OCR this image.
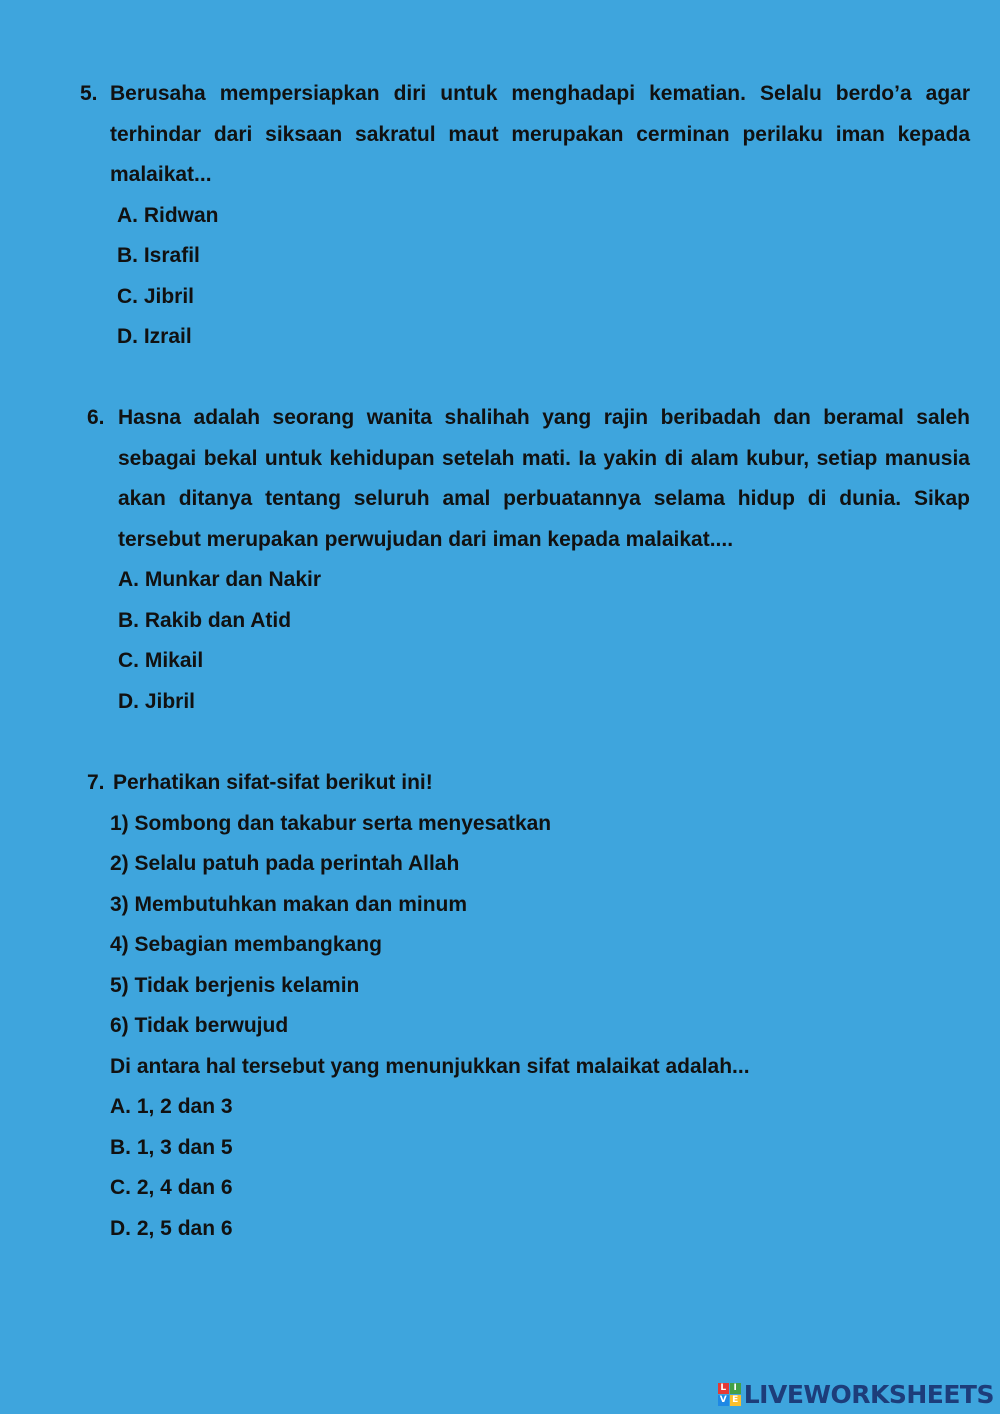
5. Berusaha mempersiapkan diri untuk menghadapi kematian. Selalu berdo’a agar terhindar dari siksaan sakratul maut merupakan cerminan perilaku iman kepada malaikat...
A. Ridwan
B. Israfil
C. Jibril
D. Izrail
6. Hasna adalah seorang wanita shalihah yang rajin beribadah dan beramal saleh sebagai bekal untuk kehidupan setelah mati. Ia yakin di alam kubur, setiap manusia akan ditanya tentang seluruh amal perbuatannya selama hidup di dunia. Sikap tersebut merupakan perwujudan dari iman kepada malaikat....
A. Munkar dan Nakir
B. Rakib dan Atid
C. Mikail
D. Jibril
7. Perhatikan sifat-sifat berikut ini!
1) Sombong dan takabur serta menyesatkan
2) Selalu patuh pada perintah Allah
3) Membutuhkan makan dan minum
4) Sebagian membangkang
5) Tidak berjenis kelamin
6) Tidak berwujud
Di antara hal tersebut yang menunjukkan sifat malaikat adalah...
A. 1, 2 dan 3
B. 1, 3 dan 5
C. 2, 4 dan 6
D. 2, 5 dan 6
L I
V E LIVEWORKSHEETS
